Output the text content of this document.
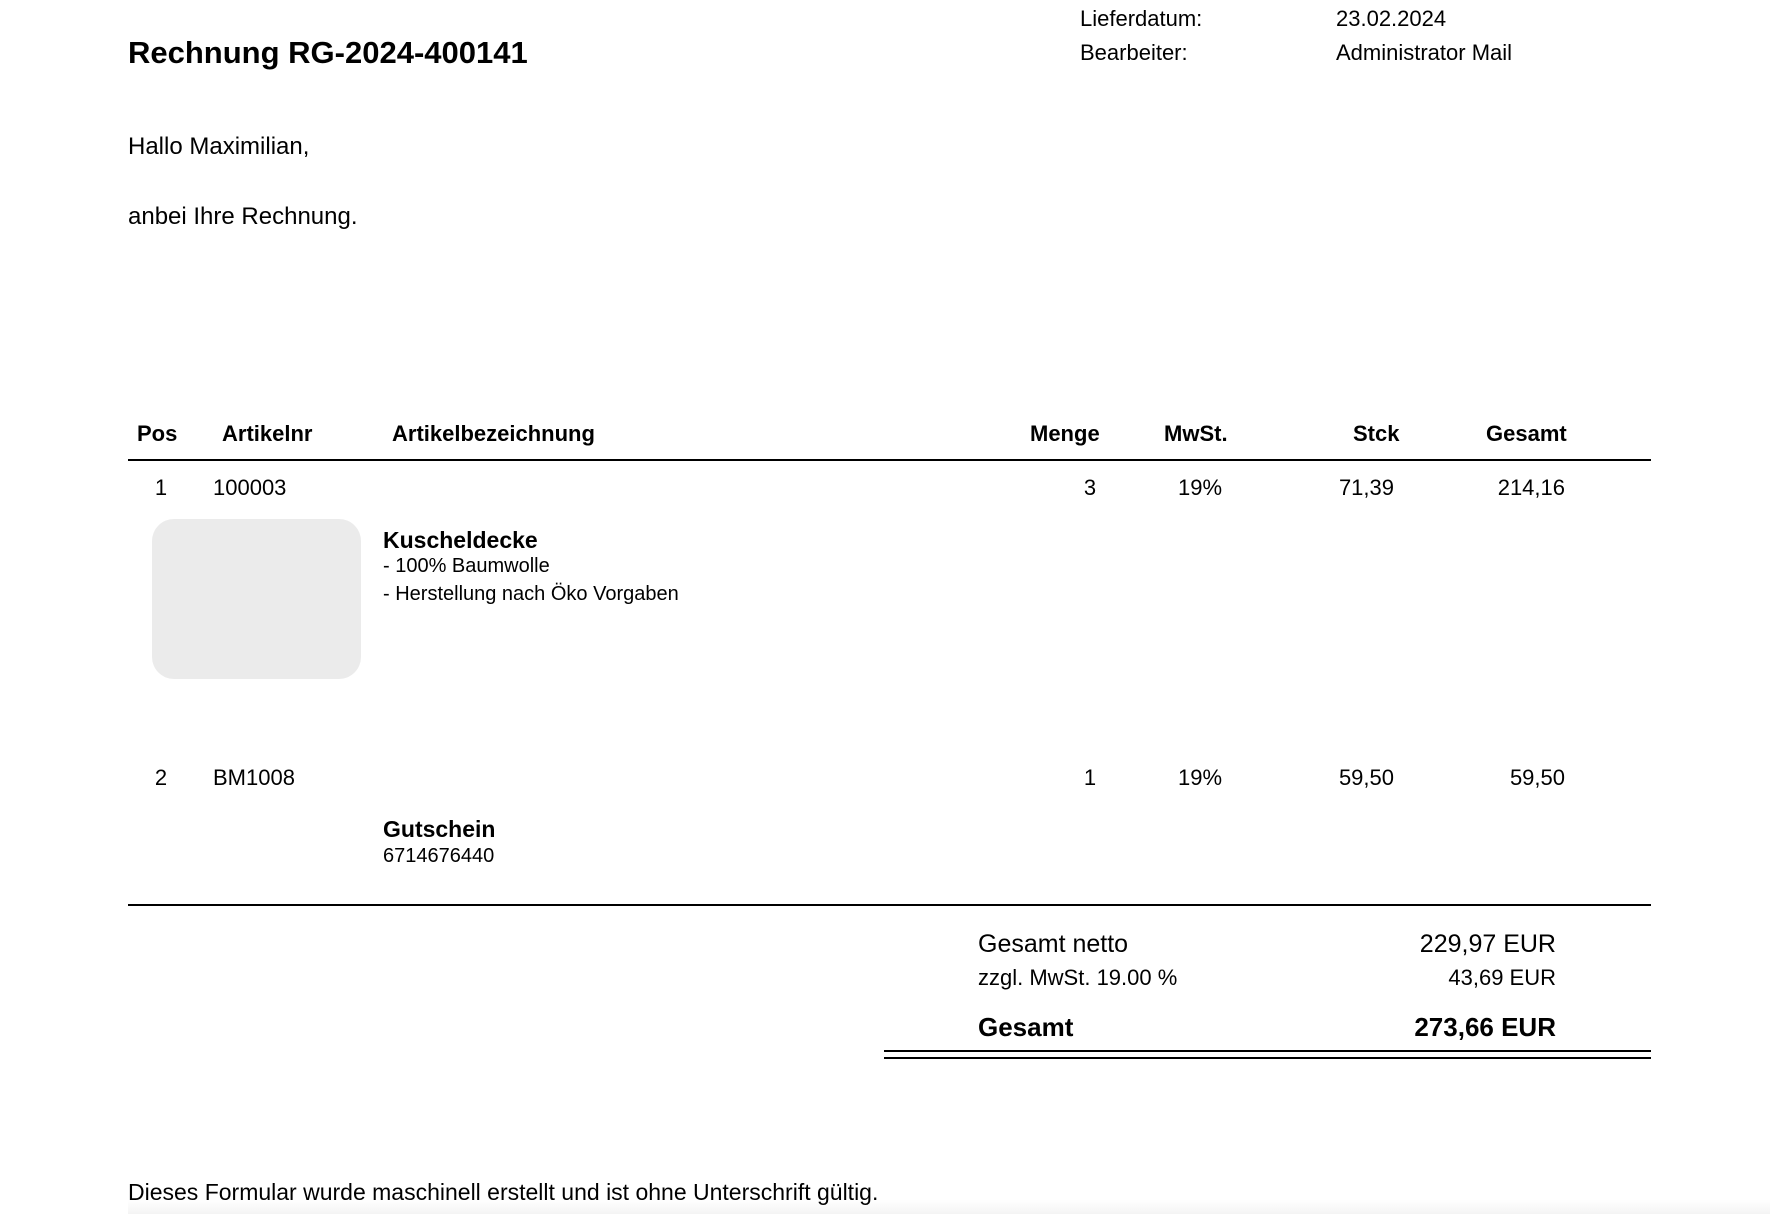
Rechnung RG-2024-400141
Lieferdatum:	23.02.2024
Bearbeiter:	Administrator Mail
Hallo Maximilian,
anbei Ihre Rechnung.
Pos Artikelnr	Artikelbezeichnung	Menge	MwSt.	Stck	Gesamt
1	100003	3	19%	71,39	214,16
Kuscheldecke
- 100% Baumwolle
- Herstellung nach Öko Vorgaben
2	BM1008	1	19%	59,50	59,50
Gutschein
6714676440
Gesamt netto	229,97 EUR
zzgl. MwSt. 19.00 %	43,69 EUR
Gesamt	273,66 EUR
Dieses Formular wurde maschinell erstellt und ist ohne Unterschrift gültig.
